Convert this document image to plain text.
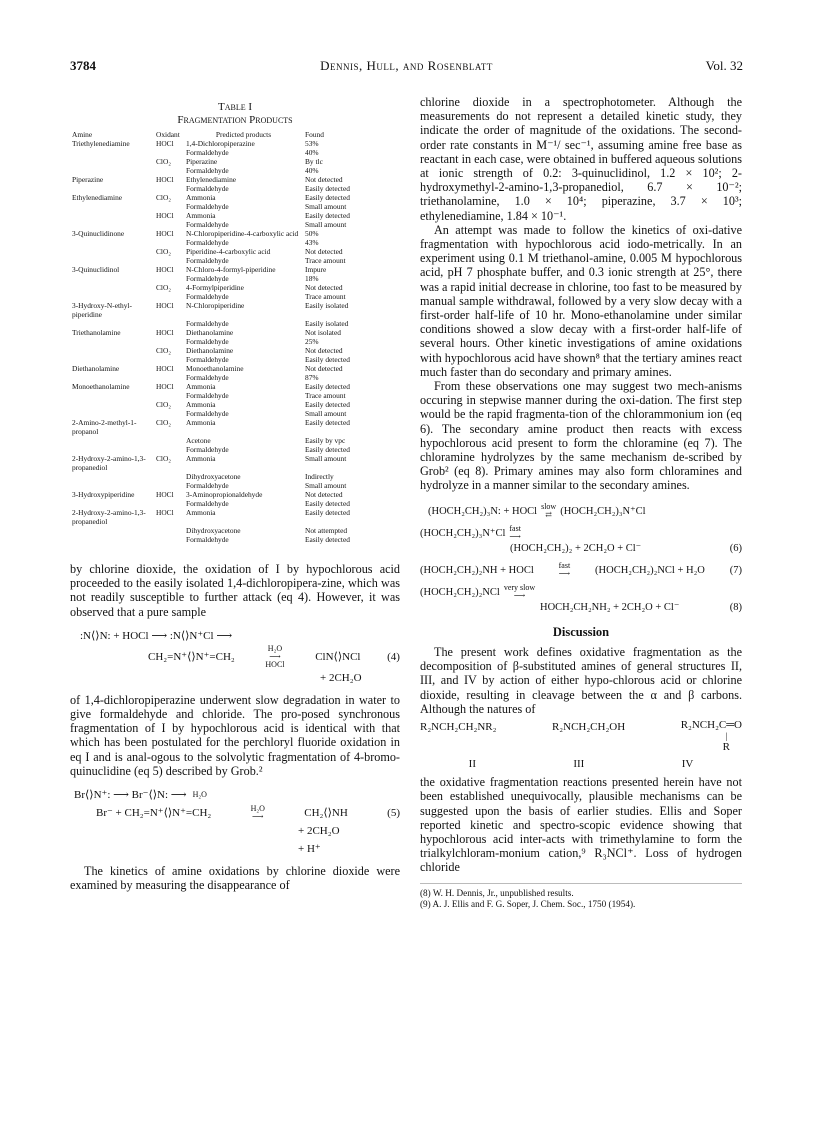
3784	Dennis, Hull, and Rosenblatt	Vol. 32
Table I
Fragmentation Products
Amine	Oxidant	Predicted products	Found
Triethylenediamine	HOCl	1,4-Dichloropiperazine	53%
		Formaldehyde	40%
	ClO₂	Piperazine	By tlc
		Formaldehyde	40%
Piperazine	HOCl	Ethylenediamine	Not detected
		Formaldehyde	Easily detected
Ethylenediamine	ClO₂	Ammonia	Easily detected
		Formaldehyde	Small amount
	HOCl	Ammonia	Easily detected
		Formaldehyde	Small amount
3-Quinuclidinone	HOCl	N-Chloropiperidine-4-carboxylic acid	50%
		Formaldehyde	43%
	ClO₂	Piperidine-4-carboxylic acid	Not detected
		Formaldehyde	Trace amount
3-Quinuclidinol	HOCl	N-Chloro-4-formyl-piperidine	Impure
		Formaldehyde	18%
	ClO₂	4-Formylpiperidine	Not detected
		Formaldehyde	Trace amount
3-Hydroxy-N-ethyl-piperidine	HOCl	N-Chloropiperidine	Easily isolated
		Formaldehyde	Easily isolated
Triethanolamine	HOCl	Diethanolamine	Not isolated
		Formaldehyde	25%
	ClO₂	Diethanolamine	Not detected
		Formaldehyde	Easily detected
Diethanolamine	HOCl	Monoethanolamine	Not detected
		Formaldehyde	87%
Monoethanolamine	HOCl	Ammonia	Easily detected
		Formaldehyde	Trace amount
	ClO₂	Ammonia	Easily detected
		Formaldehyde	Small amount
2-Amino-2-methyl-1-propanol	ClO₂	Ammonia	Easily detected
		Acetone	Easily by vpc
		Formaldehyde	Easily detected
2-Hydroxy-2-amino-1,3-propanediol	ClO₂	Ammonia	Small amount
		Dihydroxyacetone	Indirectly
		Formaldehyde	Small amount
3-Hydroxypiperidine	HOCl	3-Aminopropionaldehyde	Not detected
		Formaldehyde	Easily detected
2-Hydroxy-2-amino-1,3-propanediol	HOCl	Ammonia	Easily detected
		Dihydroxyacetone	Not attempted
		Formaldehyde	Easily detected

by chlorine dioxide, the oxidation of I by hypochlorous acid proceeded to the easily isolated 1,4-dichloropipera-zine, which was not readily susceptible to further attack (eq 4). However, it was observed that a pure sample

:N⟨⟩N: + HOCl ⟶ :N⟨⟩N⁺Cl ⟶
CH₂=N⁺⟨⟩N⁺=CH₂
H₂O
⟶
HOCl
ClN⟨⟩NCl (4)
+ 2CH₂O

of 1,4-dichloropiperazine underwent slow degradation in water to give formaldehyde and chloride. The pro-posed synchronous fragmentation of I by hypochlorous acid is identical with that which has been postulated for the perchloryl fluoride oxidation in eq I and is anal-ogous to the solvolytic fragmentation of 4-bromo-quinuclidine (eq 5) described by Grob.²

Br⟨⟩N⁺: ⟶ Br⁻⟨⟩N: ⟶ H₂O
Br⁻ + CH₂=N⁺⟨⟩N⁺=CH₂	H₂O
⟶	CH₂⟨⟩NH	(5)
+ 2CH₂O
+ H⁺

The kinetics of amine oxidations by chlorine dioxide were examined by measuring the disappearance of

chlorine dioxide in a spectrophotometer. Although the measurements do not represent a detailed kinetic study, they indicate the order of magnitude of the oxidations. The second-order rate constants in M⁻¹/ sec⁻¹, assuming amine free base as reactant in each case, were obtained in buffered aqueous solutions at ionic strength of 0.2: 3-quinuclidinol, 1.2 × 10²; 2-hydroxymethyl-2-amino-1,3-propanediol, 6.7 × 10⁻²; triethanolamine, 1.0 × 10⁴; piperazine, 3.7 × 10³; ethylenediamine, 1.84 × 10⁻¹.

An attempt was made to follow the kinetics of oxi-dative fragmentation with hypochlorous acid iodo-metrically. In an experiment using 0.1 M triethanol-amine, 0.005 M hypochlorous acid, pH 7 phosphate buffer, and 0.3 ionic strength at 25°, there was a rapid initial decrease in chlorine, too fast to be measured by manual sample withdrawal, followed by a very slow decay with a first-order half-life of 10 hr. Mono-ethanolamine under similar conditions showed a slow decay with a first-order half-life of several hours. Other kinetic investigations of amine oxidations with hypochlorous acid have shown⁸ that the tertiary amines react much faster than do secondary and primary amines.

From these observations one may suggest two mech-anisms occuring in stepwise manner during the oxi-dation. The first step would be the rapid fragmenta-tion of the chlorammonium ion (eq 6). The secondary amine product then reacts with excess hypochlorous acid present to form the chloramine (eq 7). The chloramine hydrolyzes by the same mechanism de-scribed by Grob² (eq 8). Primary amines may also form chloramines and hydrolyze in a manner similar to the secondary amines.

(HOCH₂CH₂)₃N: + HOCl slow
⇄ (HOCH₂CH₂)₃N⁺Cl
(HOCH₂CH₂)₃N⁺Cl fast
⟶
(HOCH₂CH₂)₂ + 2CH₂O + Cl⁻	(6)
(HOCH₂CH₂)₂NH + HOCl	fast
⟶ (HOCH₂CH₂)₂NCl + H₂O (7)
(HOCH₂CH₂)₂NCl very slow
⟶
HOCH₂CH₂NH₂ + 2CH₂O + Cl⁻	(8)
Discussion

The present work defines oxidative fragmentation as the decomposition of β-substituted amines of general structures II, III, and IV by action of either hypo-chlorous acid or chlorine dioxide, resulting in cleavage between the α and β carbons. Although the natures of

R₂NCH₂CH₂NR₂	R₂NCH₂CH₂OH	R₂NCH₂C═O
|
R
II	III	IV

the oxidative fragmentation reactions presented herein have not been established unequivocally, plausible mechanisms can be suggested upon the basis of earlier studies. Ellis and Soper reported kinetic and spectro-scopic evidence showing that hypochlorous acid inter-acts with trimethylamine to form the trialkylchloram-monium cation,⁹ R₃NCl⁺. Loss of hydrogen chloride

(8) W. H. Dennis, Jr., unpublished results.
(9) A. J. Ellis and F. G. Soper, J. Chem. Soc., 1750 (1954).
